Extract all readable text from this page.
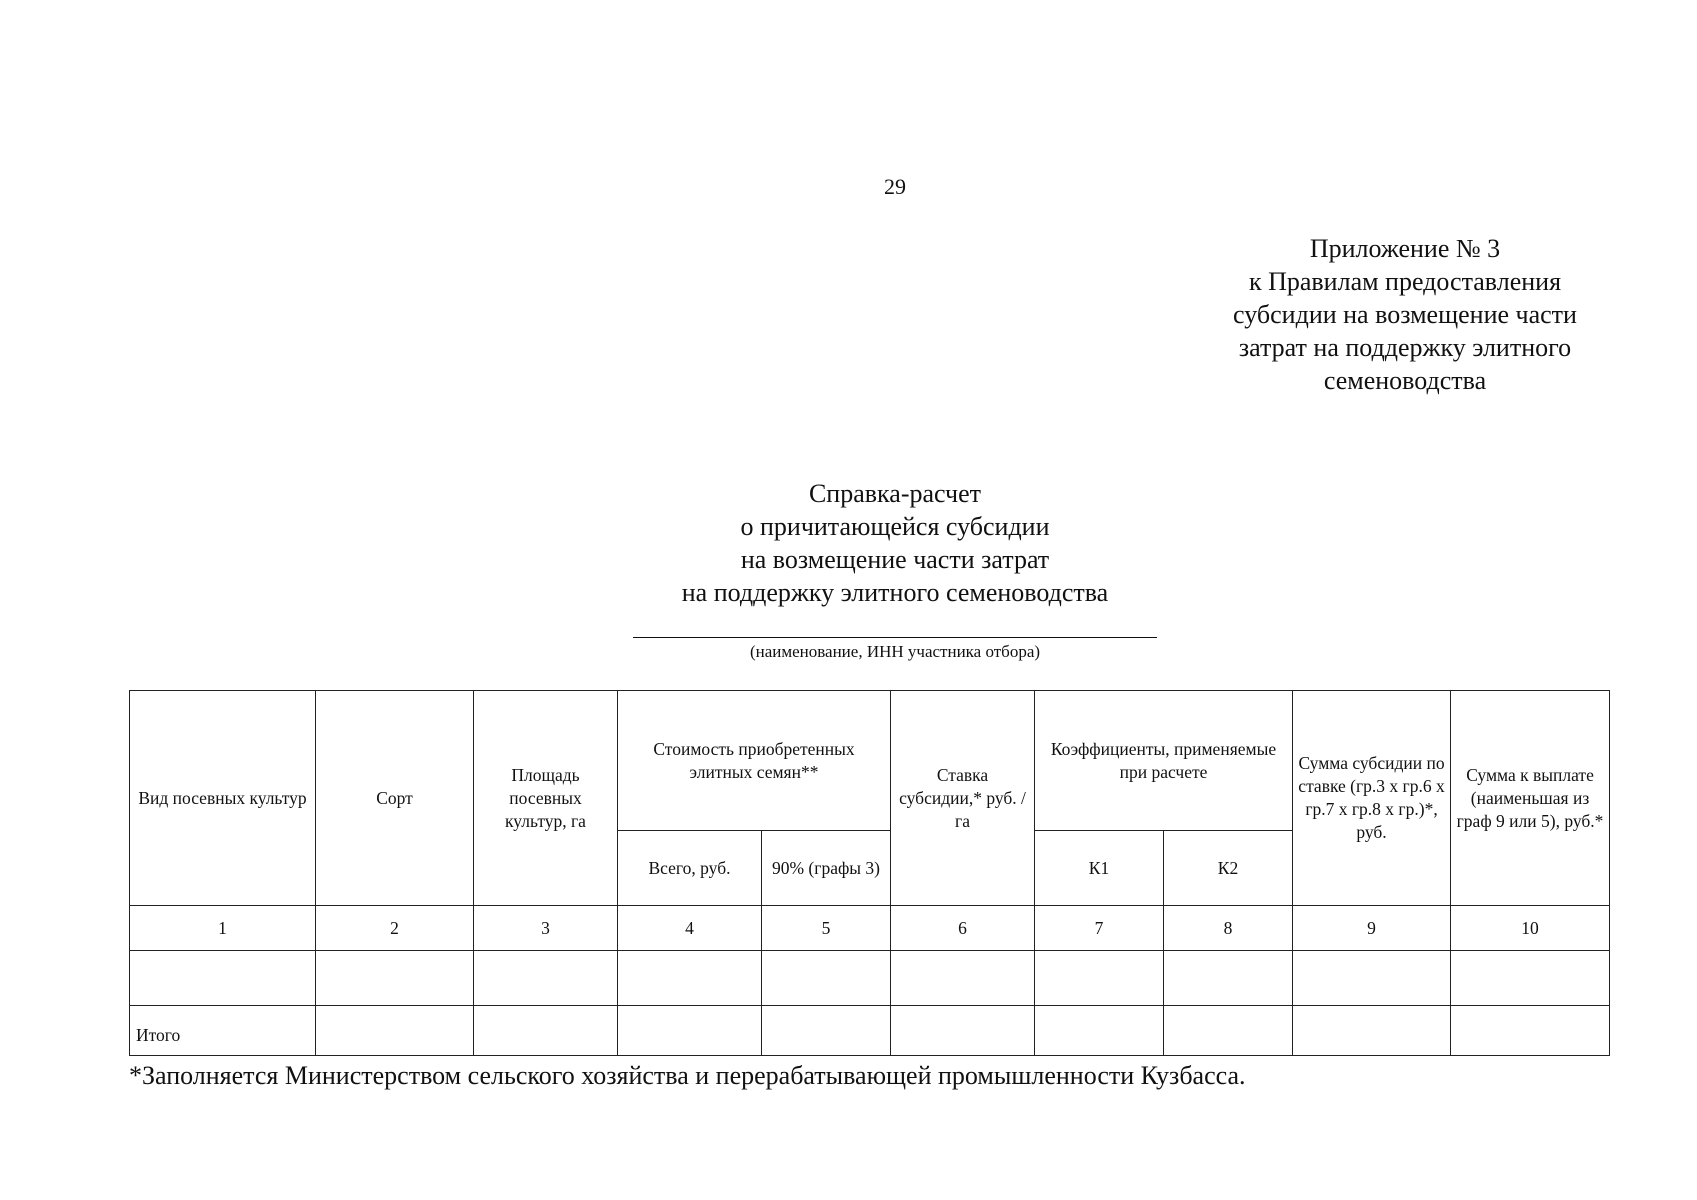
29
Приложение № 3
к Правилам предоставления
субсидии на возмещение части
затрат на поддержку элитного
семеноводства
Справка-расчет
о причитающейся субсидии
на возмещение части затрат
на поддержку элитного семеноводства
(наименование, ИНН участника отбора)
Вид посевных культур	Сорт	Площадь посевных культур, га	Стоимость приобретенных элитных семян**		Ставка субсидии,* руб. / га	Коэффициенты, применяемые при расчете		Сумма субсидии по ставке (гр.3 х гр.6 х гр.7 х гр.8 х гр.)*, руб.	Сумма к выплате (наименьшая из граф 9 или 5), руб.*
			Всего, руб.	90% (графы 3)		К1	К2		
1	2	3	4	5	6	7	8	9	10

Итого									
*Заполняется Министерством сельского хозяйства и перерабатывающей промышленности Кузбасса.
